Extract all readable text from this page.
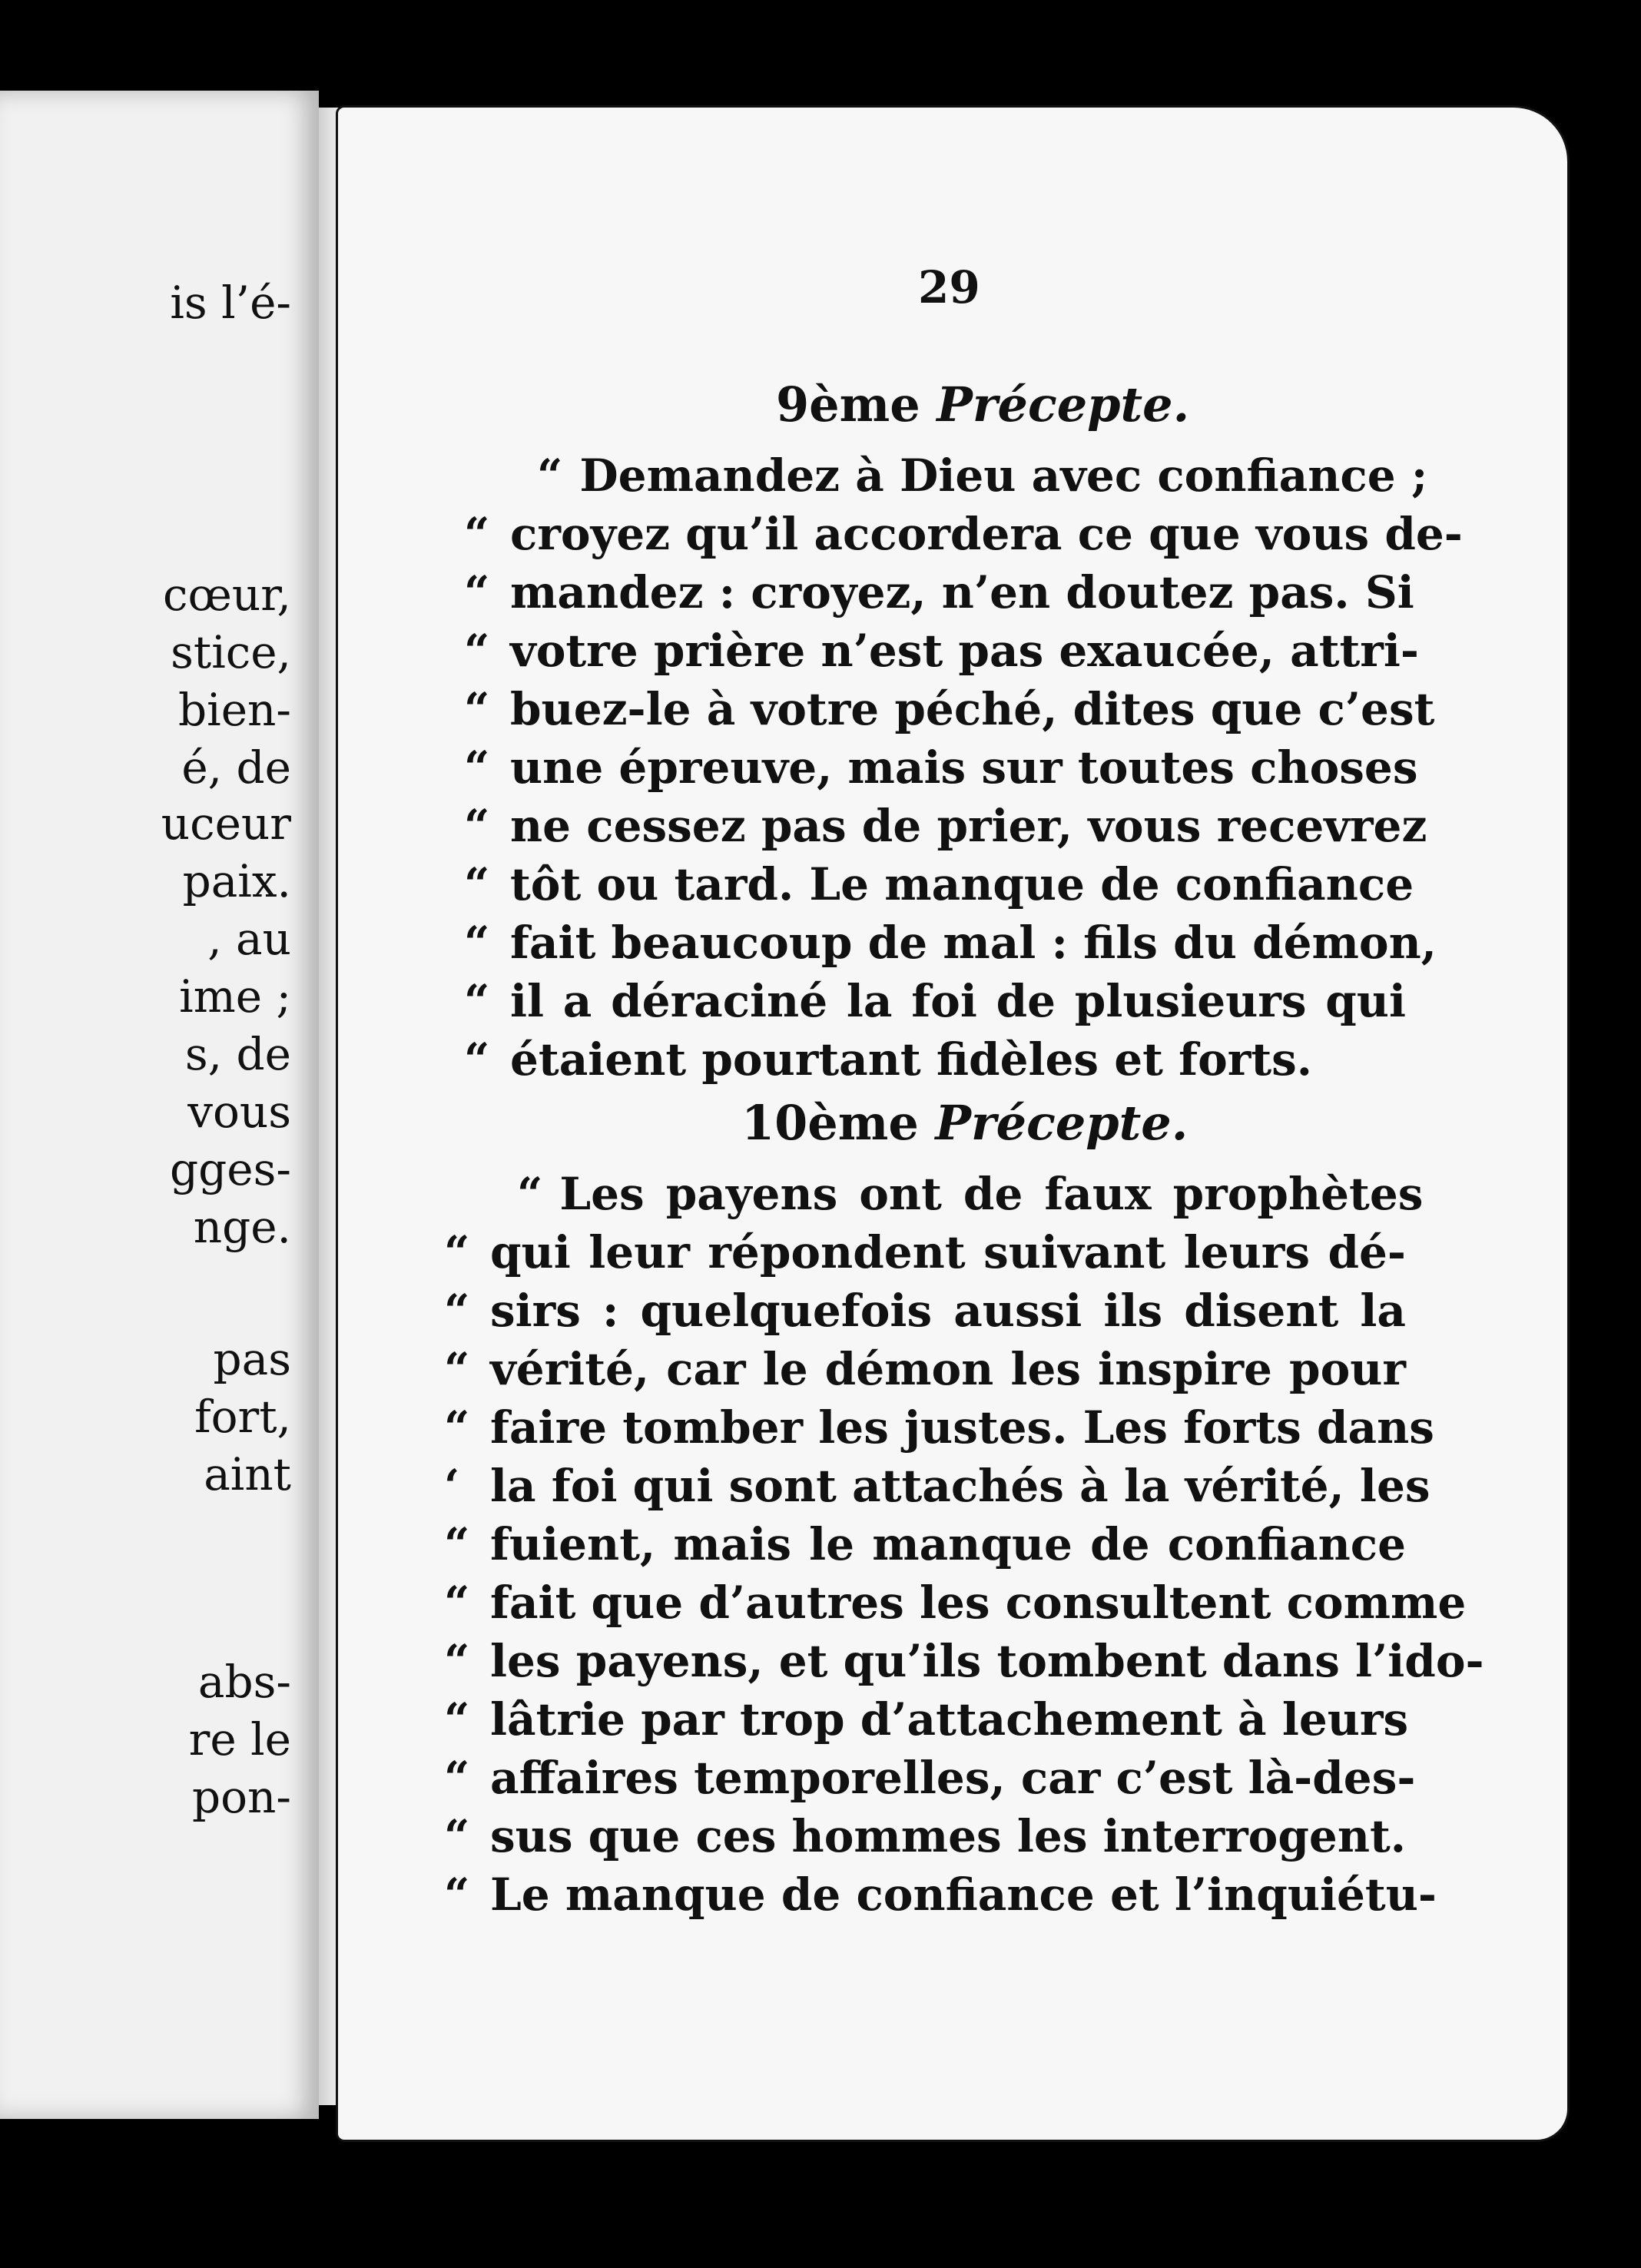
is l’é-
cœur,
stice,
bien-
é, de
uceur
paix.
, au
ime ;
s, de
vous
gges-
nge.
pas
fort,
aint
abs-
re le
pon-
29
9ème Précepte.
“ Demandez à Dieu avec confiance ;
“ croyez qu’il accordera ce que vous de-
“ mandez : croyez, n’en doutez pas. Si
“ votre prière n’est pas exaucée, attri-
“ buez-le à votre péché, dites que c’est
“ une épreuve, mais sur toutes choses
“ ne cessez pas de prier, vous recevrez
“ tôt ou tard. Le manque de confiance
“ fait beaucoup de mal : fils du démon,
“ il a déraciné la foi de plusieurs qui
“ étaient pourtant fidèles et forts.
10ème Précepte.
“ Les payens ont de faux prophètes
“ qui leur répondent suivant leurs dé-
“ sirs : quelquefois aussi ils disent la
“ vérité, car le démon les inspire pour
“ faire tomber les justes. Les forts dans
‘ la foi qui sont attachés à la vérité, les
“ fuient, mais le manque de confiance
“ fait que d’autres les consultent comme
“ les payens, et qu’ils tombent dans l’ido-
“ lâtrie par trop d’attachement à leurs
“ affaires temporelles, car c’est là-des-
“ sus que ces hommes les interrogent.
“ Le manque de confiance et l’inquiétu-
